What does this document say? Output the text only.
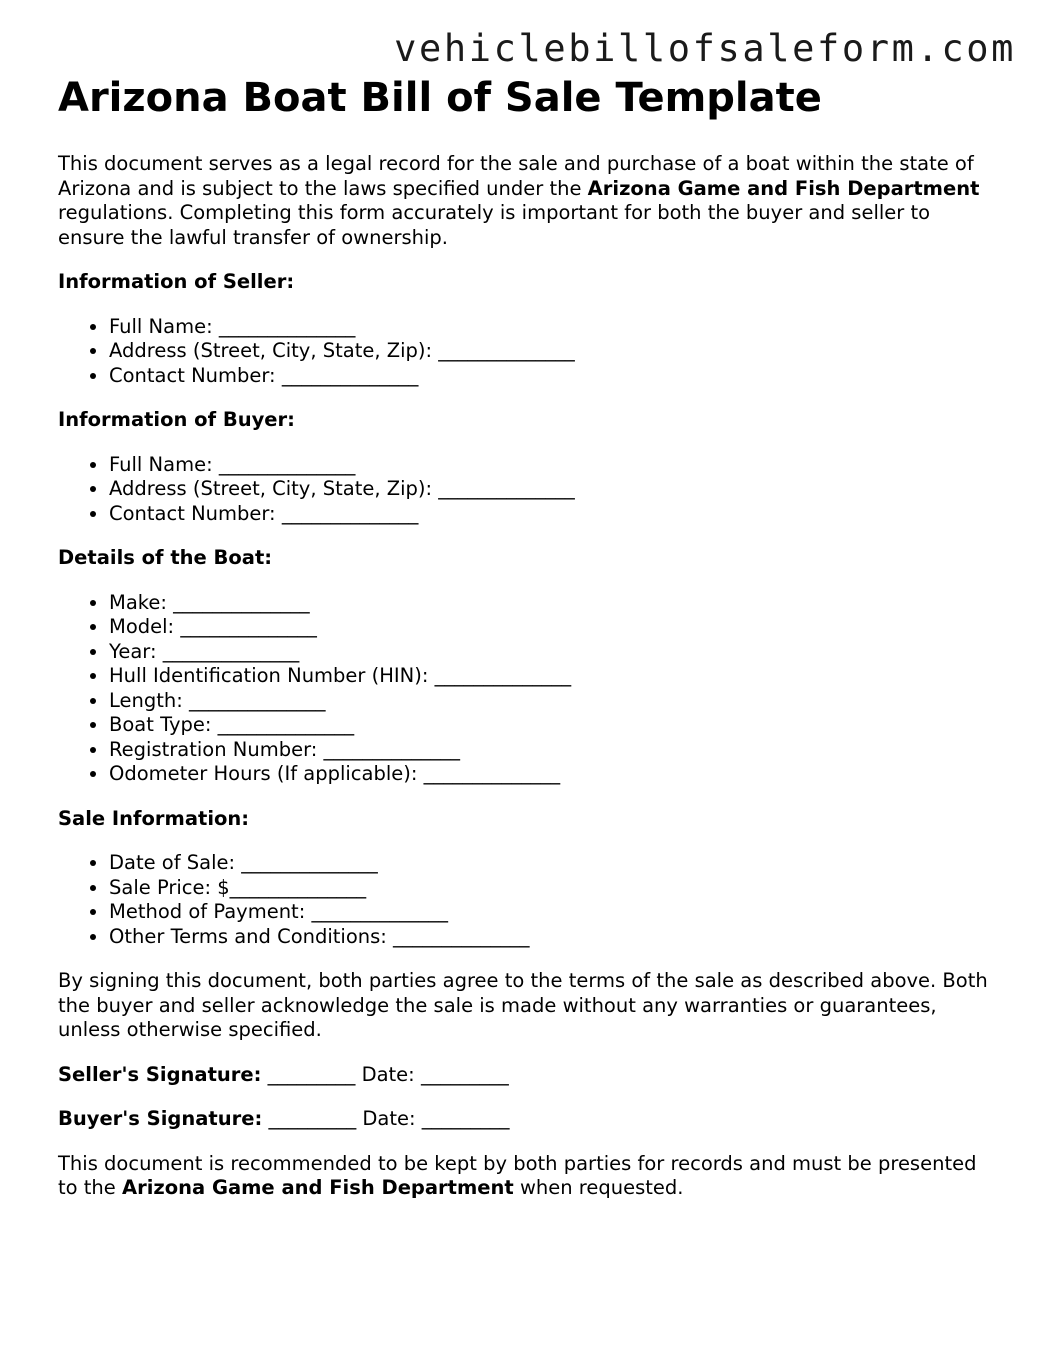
vehiclebillofsaleform.com
Arizona Boat Bill of Sale Template

This document serves as a legal record for the sale and purchase of a boat within the state of Arizona and is subject to the laws specified under the Arizona Game and Fish Department regulations. Completing this form accurately is important for both the buyer and seller to ensure the lawful transfer of ownership.

Information of Seller:
• Full Name: ______________
• Address (Street, City, State, Zip): ______________
• Contact Number: ______________
Information of Buyer:
• Full Name: ______________
• Address (Street, City, State, Zip): ______________
• Contact Number: ______________
Details of the Boat:
• Make: ______________
• Model: ______________
• Year: ______________
• Hull Identification Number (HIN): ______________
• Length: ______________
• Boat Type: ______________
• Registration Number: ______________
• Odometer Hours (If applicable): ______________
Sale Information:
• Date of Sale: ______________
• Sale Price: $______________
• Method of Payment: ______________
• Other Terms and Conditions: ______________

By signing this document, both parties agree to the terms of the sale as described above. Both the buyer and seller acknowledge the sale is made without any warranties or guarantees, unless otherwise specified.

Seller's Signature: _________ Date: _________

Buyer's Signature: _________ Date: _________

This document is recommended to be kept by both parties for records and must be presented to the Arizona Game and Fish Department when requested.
